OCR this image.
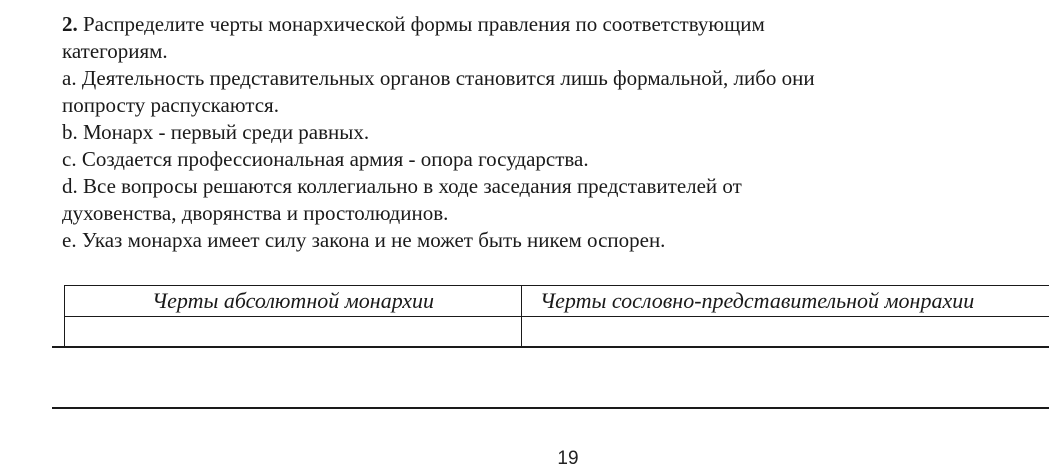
2. Распределите черты монархической формы правления по соответствующим

категориям.

a. Деятельность представительных органов становится лишь формальной, либо они

попросту распускаются.

b. Монарх - первый среди равных.

c. Создается профессиональная армия - опора государства.

d. Все вопросы решаются коллегиально в ходе заседания представителей от

духовенства, дворянства и простолюдинов.

e. Указ монарха имеет силу закона и не может быть никем оспорен.

Черты абсолютной монархии	Черты сословно-представительной монрахии

19
